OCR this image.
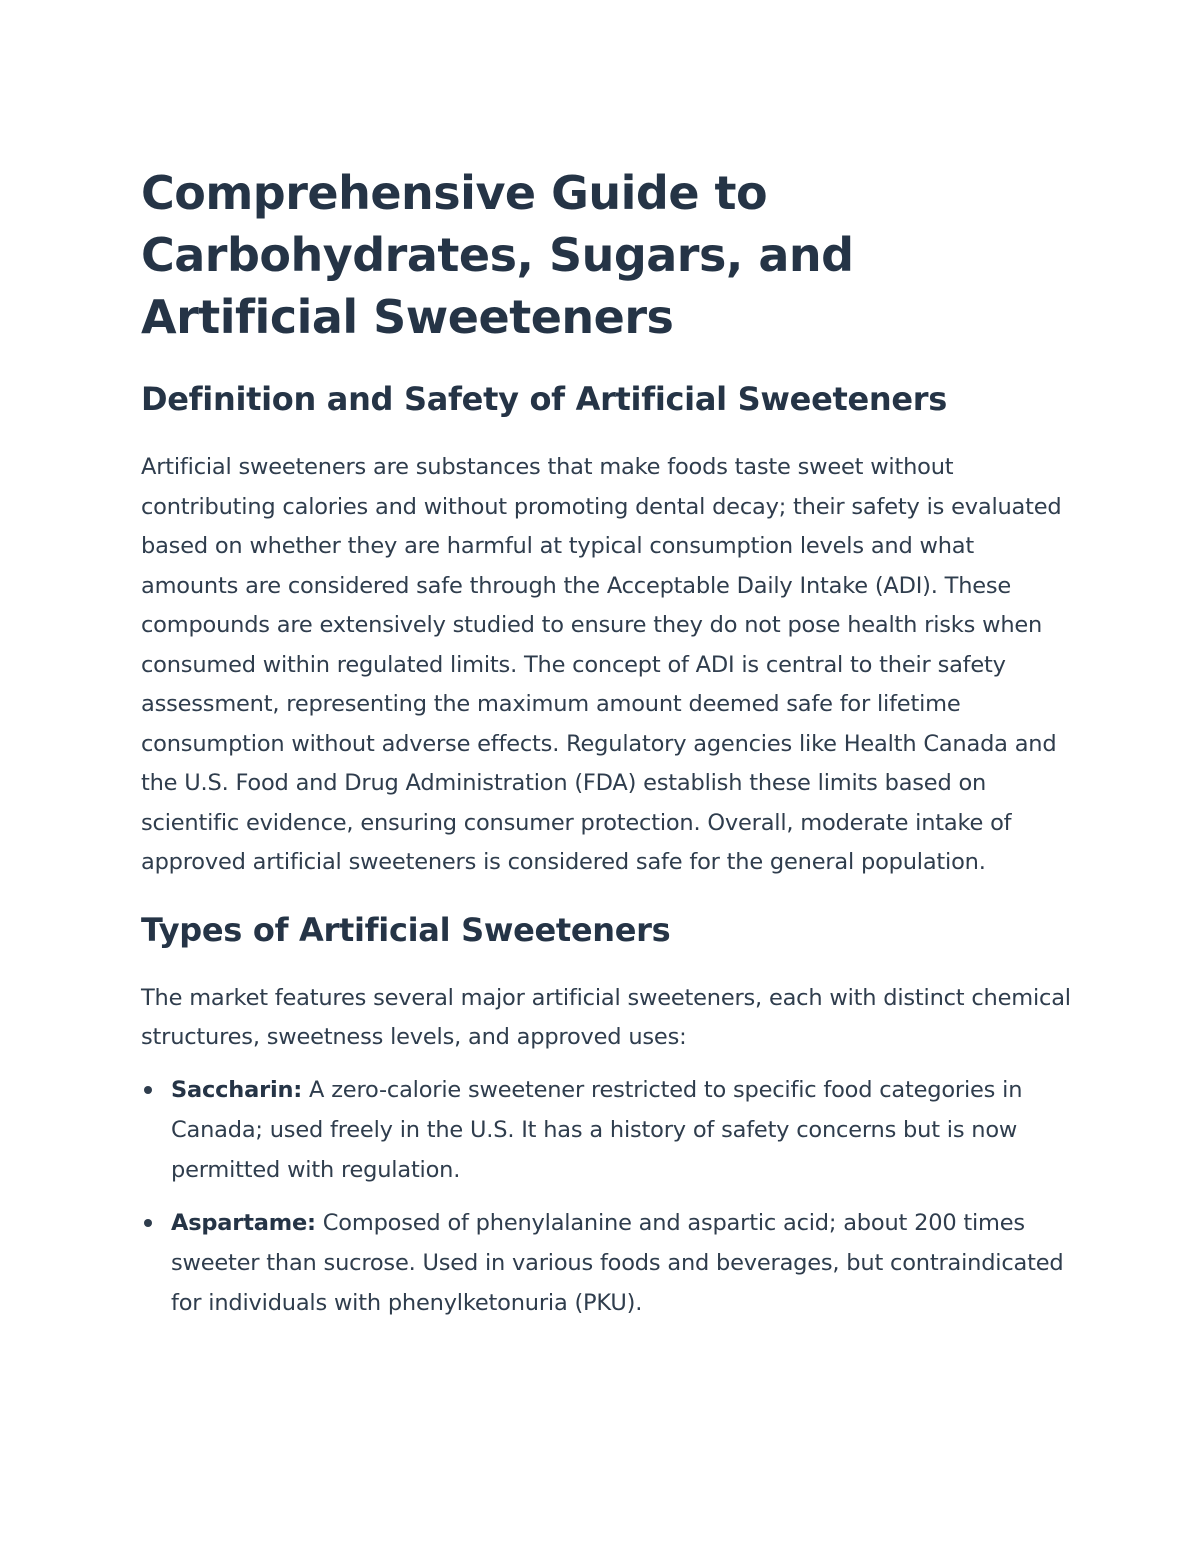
Comprehensive Guide to Carbohydrates, Sugars, and Artificial Sweeteners
Definition and Safety of Artificial Sweeteners

Artificial sweeteners are substances that make foods taste sweet without contributing calories and without promoting dental decay; their safety is evaluated based on whether they are harmful at typical consumption levels and what amounts are considered safe through the Acceptable Daily Intake (ADI). These compounds are extensively studied to ensure they do not pose health risks when consumed within regulated limits. The concept of ADI is central to their safety assessment, representing the maximum amount deemed safe for lifetime consumption without adverse effects. Regulatory agencies like Health Canada and the U.S. Food and Drug Administration (FDA) establish these limits based on scientific evidence, ensuring consumer protection. Overall, moderate intake of approved artificial sweeteners is considered safe for the general population.

Types of Artificial Sweeteners

The market features several major artificial sweeteners, each with distinct chemical structures, sweetness levels, and approved uses:

Saccharin: A zero-calorie sweetener restricted to specific food categories in Canada; used freely in the U.S. It has a history of safety concerns but is now permitted with regulation.
Aspartame: Composed of phenylalanine and aspartic acid; about 200 times sweeter than sucrose. Used in various foods and beverages, but contraindicated for individuals with phenylketonuria (PKU).
